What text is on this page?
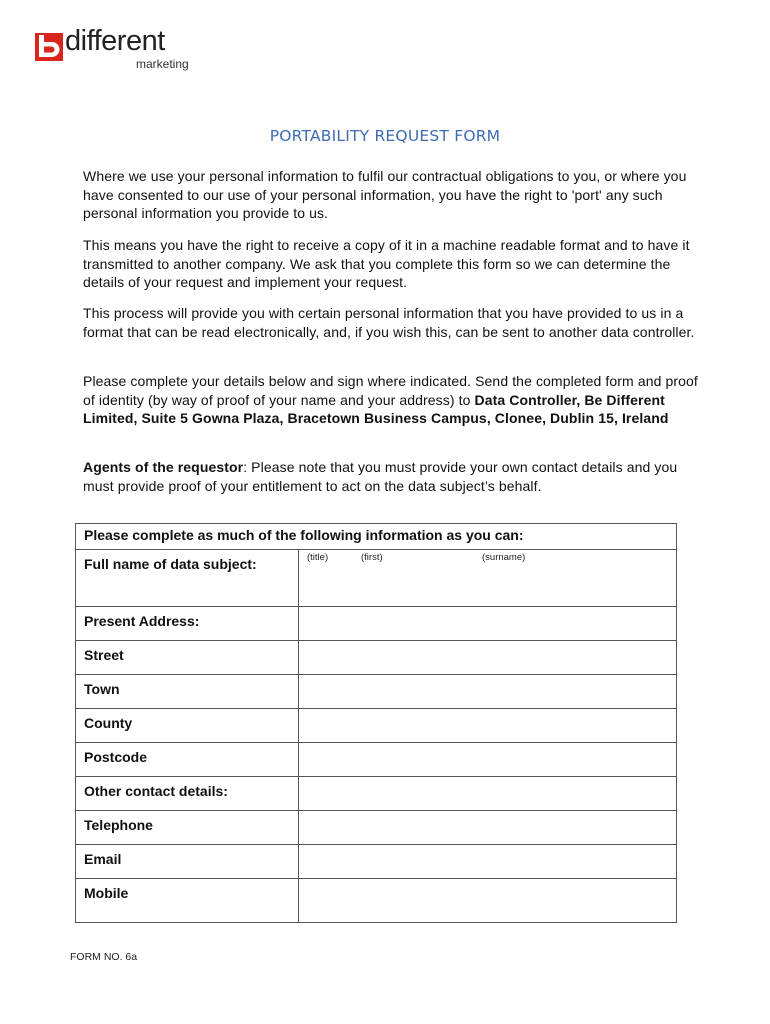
different
marketing
PORTABILITY REQUEST FORM

Where we use your personal information to fulfil our contractual obligations to you, or where you have consented to our use of your personal information, you have the right to 'port' any such personal information you provide to us.

This means you have the right to receive a copy of it in a machine readable format and to have it transmitted to another company. We ask that you complete this form so we can determine the details of your request and implement your request.

This process will provide you with certain personal information that you have provided to us in a format that can be read electronically, and, if you wish this, can be sent to another data controller.

Please complete your details below and sign where indicated. Send the completed form and proof of identity (by way of proof of your name and your address) to Data Controller, Be Different Limited, Suite 5 Gowna Plaza, Bracetown Business Campus, Clonee, Dublin 15, Ireland

Agents of the requestor: Please note that you must provide your own contact details and you must provide proof of your entitlement to act on the data subject’s behalf.

Please complete as much of the following information as you can:	
Full name of data subject:	(title) (first) (surname)

Present Address:	
Street	
Town	
County	
Postcode	
Other contact details:	
Telephone	
Email	
Mobile	
FORM NO. 6a
